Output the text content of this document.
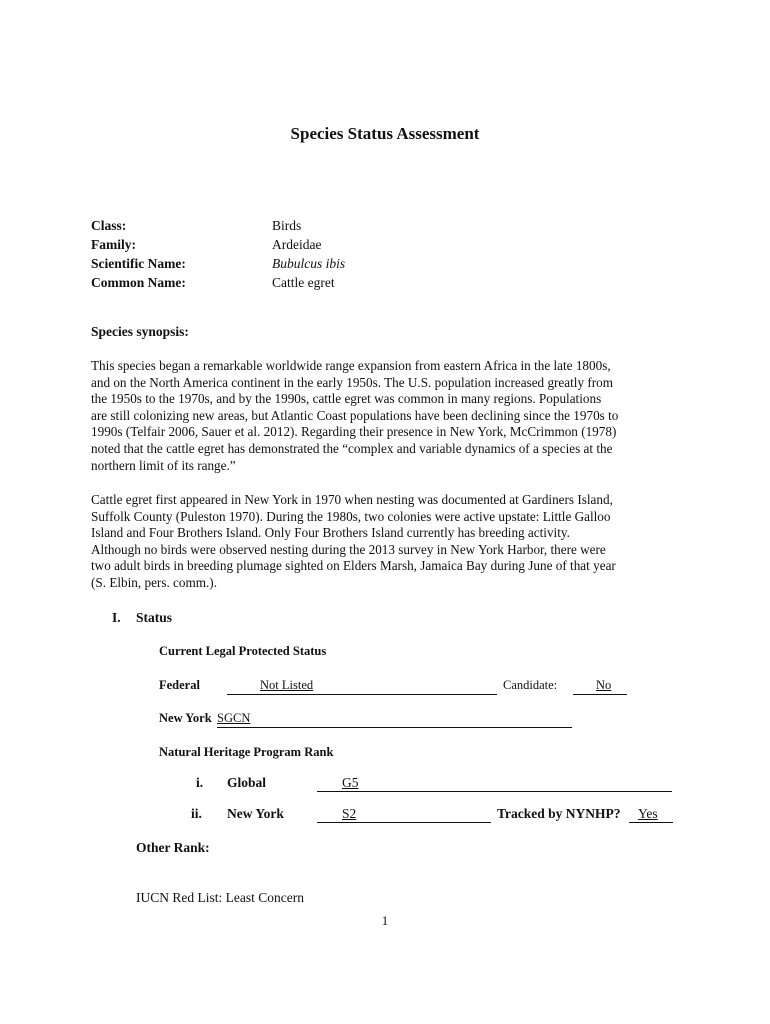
Species Status Assessment
Class:	Birds
Family:	Ardeidae
Scientific Name:	Bubulcus ibis
Common Name:	Cattle egret
Species synopsis:
This species began a remarkable worldwide range expansion from eastern Africa in the late 1800s,
and on the North America continent in the early 1950s. The U.S. population increased greatly from
the 1950s to the 1970s, and by the 1990s, cattle egret was common in many regions. Populations
are still colonizing new areas, but Atlantic Coast populations have been declining since the 1970s to
1990s (Telfair 2006, Sauer et al. 2012). Regarding their presence in New York, McCrimmon (1978)
noted that the cattle egret has demonstrated the “complex and variable dynamics of a species at the
northern limit of its range.”
Cattle egret first appeared in New York in 1970 when nesting was documented at Gardiners Island,
Suffolk County (Puleston 1970). During the 1980s, two colonies were active upstate: Little Galloo
Island and Four Brothers Island. Only Four Brothers Island currently has breeding activity.
Although no birds were observed nesting during the 2013 survey in New York Harbor, there were
two adult birds in breeding plumage sighted on Elders Marsh, Jamaica Bay during June of that year
(S. Elbin, pers. comm.).
I. Status
Current Legal Protected Status
Federal	Not Listed	Candidate:	No
New York SGCN
Natural Heritage Program Rank
i. Global	G5
ii. New York	S2	Tracked by NYNHP? Yes
Other Rank:
IUCN Red List: Least Concern
1
